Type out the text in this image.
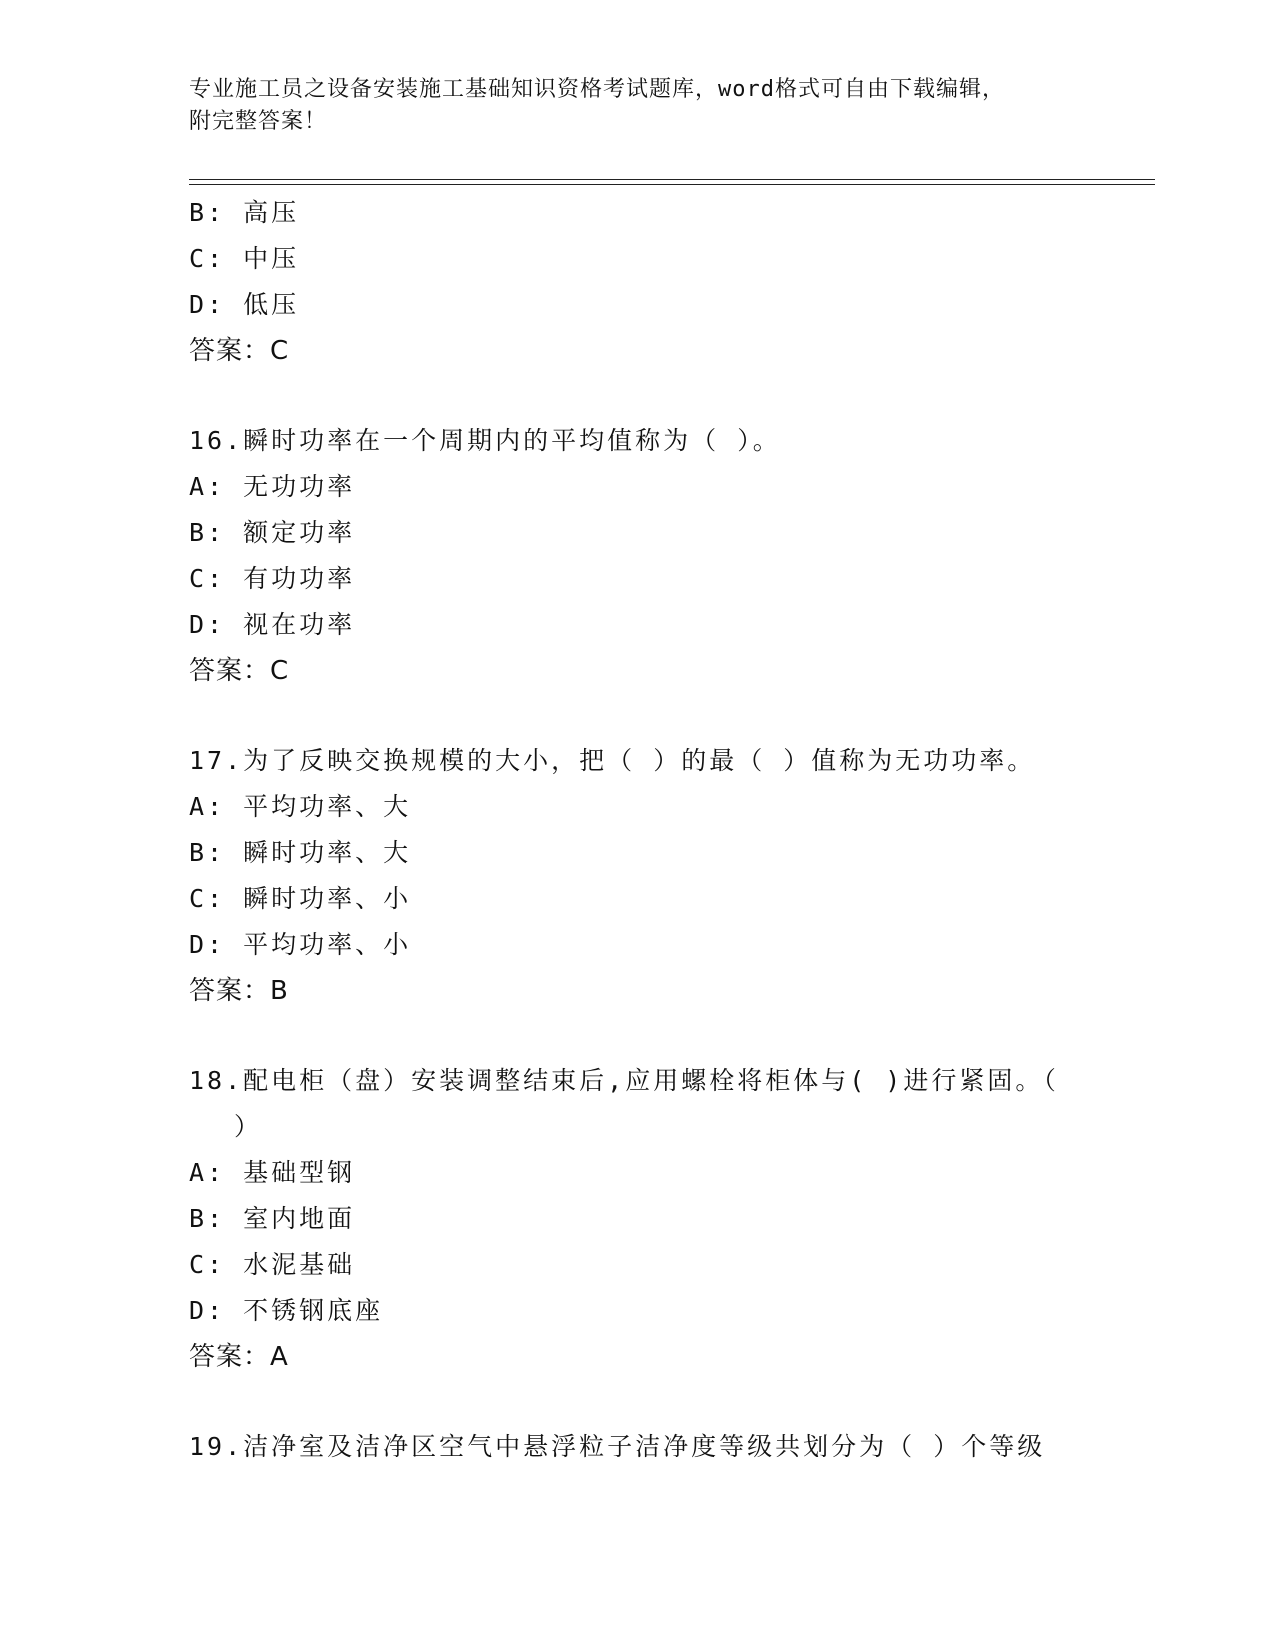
专业施工员之设备安装施工基础知识资格考试题库，word格式可自由下载编辑，
附完整答案！
B: 高压
C: 中压
D: 低压
答案：C
16.瞬时功率在一个周期内的平均值称为（ ）。
A: 无功功率
B: 额定功率
C: 有功功率
D: 视在功率
答案：C
17.为了反映交换规模的大小，把（ ）的最（ ）值称为无功功率。
A: 平均功率、大
B: 瞬时功率、大
C: 瞬时功率、小
D: 平均功率、小
答案：B
18.配电柜（盘）安装调整结束后,应用螺栓将柜体与( )进行紧固。（
）
A: 基础型钢
B: 室内地面
C: 水泥基础
D: 不锈钢底座
答案：A
19.洁净室及洁净区空气中悬浮粒子洁净度等级共划分为（ ）个等级
